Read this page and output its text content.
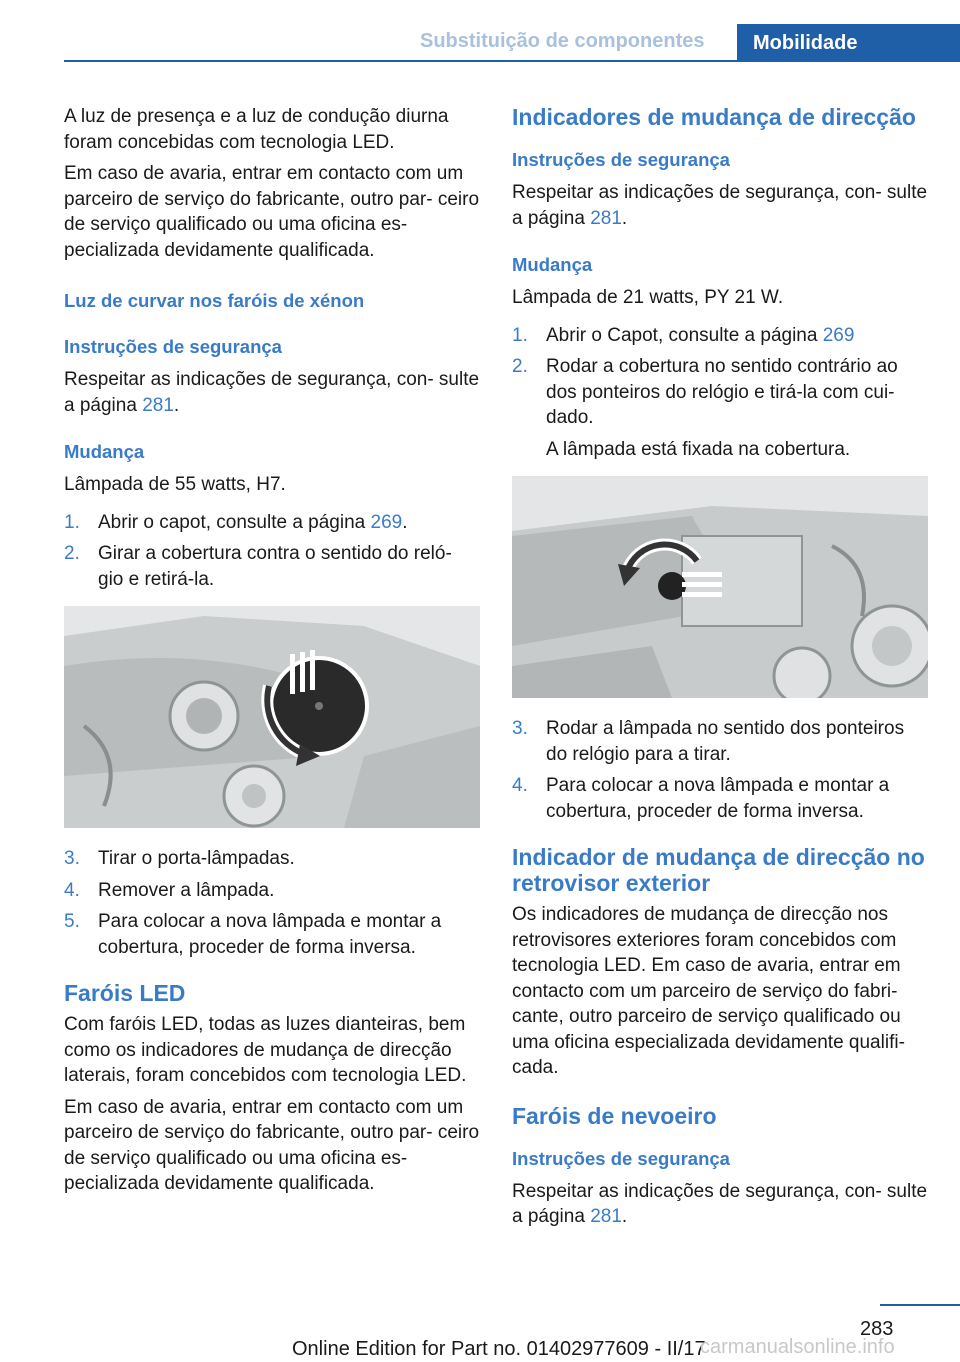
Substituição de componentes	Mobilidade

A luz de presença e a luz de condução diurna foram concebidas com tecnologia LED.

Em caso de avaria, entrar em contacto com um parceiro de serviço do fabricante, outro par- ceiro de serviço qualificado ou uma oficina es- pecializada devidamente qualificada.

Luz de curvar nos faróis de xénon
Instruções de segurança

Respeitar as indicações de segurança, con- sulte a página 281.

Mudança

Lâmpada de 55 watts, H7.

1. Abrir o capot, consulte a página 269.
2. Girar a cobertura contra o sentido do reló- gio e retirá-la.
3. Tirar o porta-lâmpadas.
4. Remover a lâmpada.
5. Para colocar a nova lâmpada e montar a cobertura, proceder de forma inversa.
Faróis LED

Com faróis LED, todas as luzes dianteiras, bem como os indicadores de mudança de direcção laterais, foram concebidos com tecnologia LED.

Em caso de avaria, entrar em contacto com um parceiro de serviço do fabricante, outro par- ceiro de serviço qualificado ou uma oficina es- pecializada devidamente qualificada.

Indicadores de mudança de direcção
Instruções de segurança

Respeitar as indicações de segurança, con- sulte a página 281.

Mudança

Lâmpada de 21 watts, PY 21 W.

1. Abrir o Capot, consulte a página 269
2. Rodar a cobertura no sentido contrário ao dos ponteiros do relógio e tirá-la com cui- dado.
A lâmpada está fixada na cobertura.
3. Rodar a lâmpada no sentido dos ponteiros do relógio para a tirar.
4. Para colocar a nova lâmpada e montar a cobertura, proceder de forma inversa.
Indicador de mudança de direcção no retrovisor exterior

Os indicadores de mudança de direcção nos retrovisores exteriores foram concebidos com tecnologia LED. Em caso de avaria, entrar em contacto com um parceiro de serviço do fabri- cante, outro parceiro de serviço qualificado ou uma oficina especializada devidamente qualifi- cada.

Faróis de nevoeiro
Instruções de segurança

Respeitar as indicações de segurança, con- sulte a página 281.

283
Online Edition for Part no. 01402977609 - II/17
carmanualsonline.info
